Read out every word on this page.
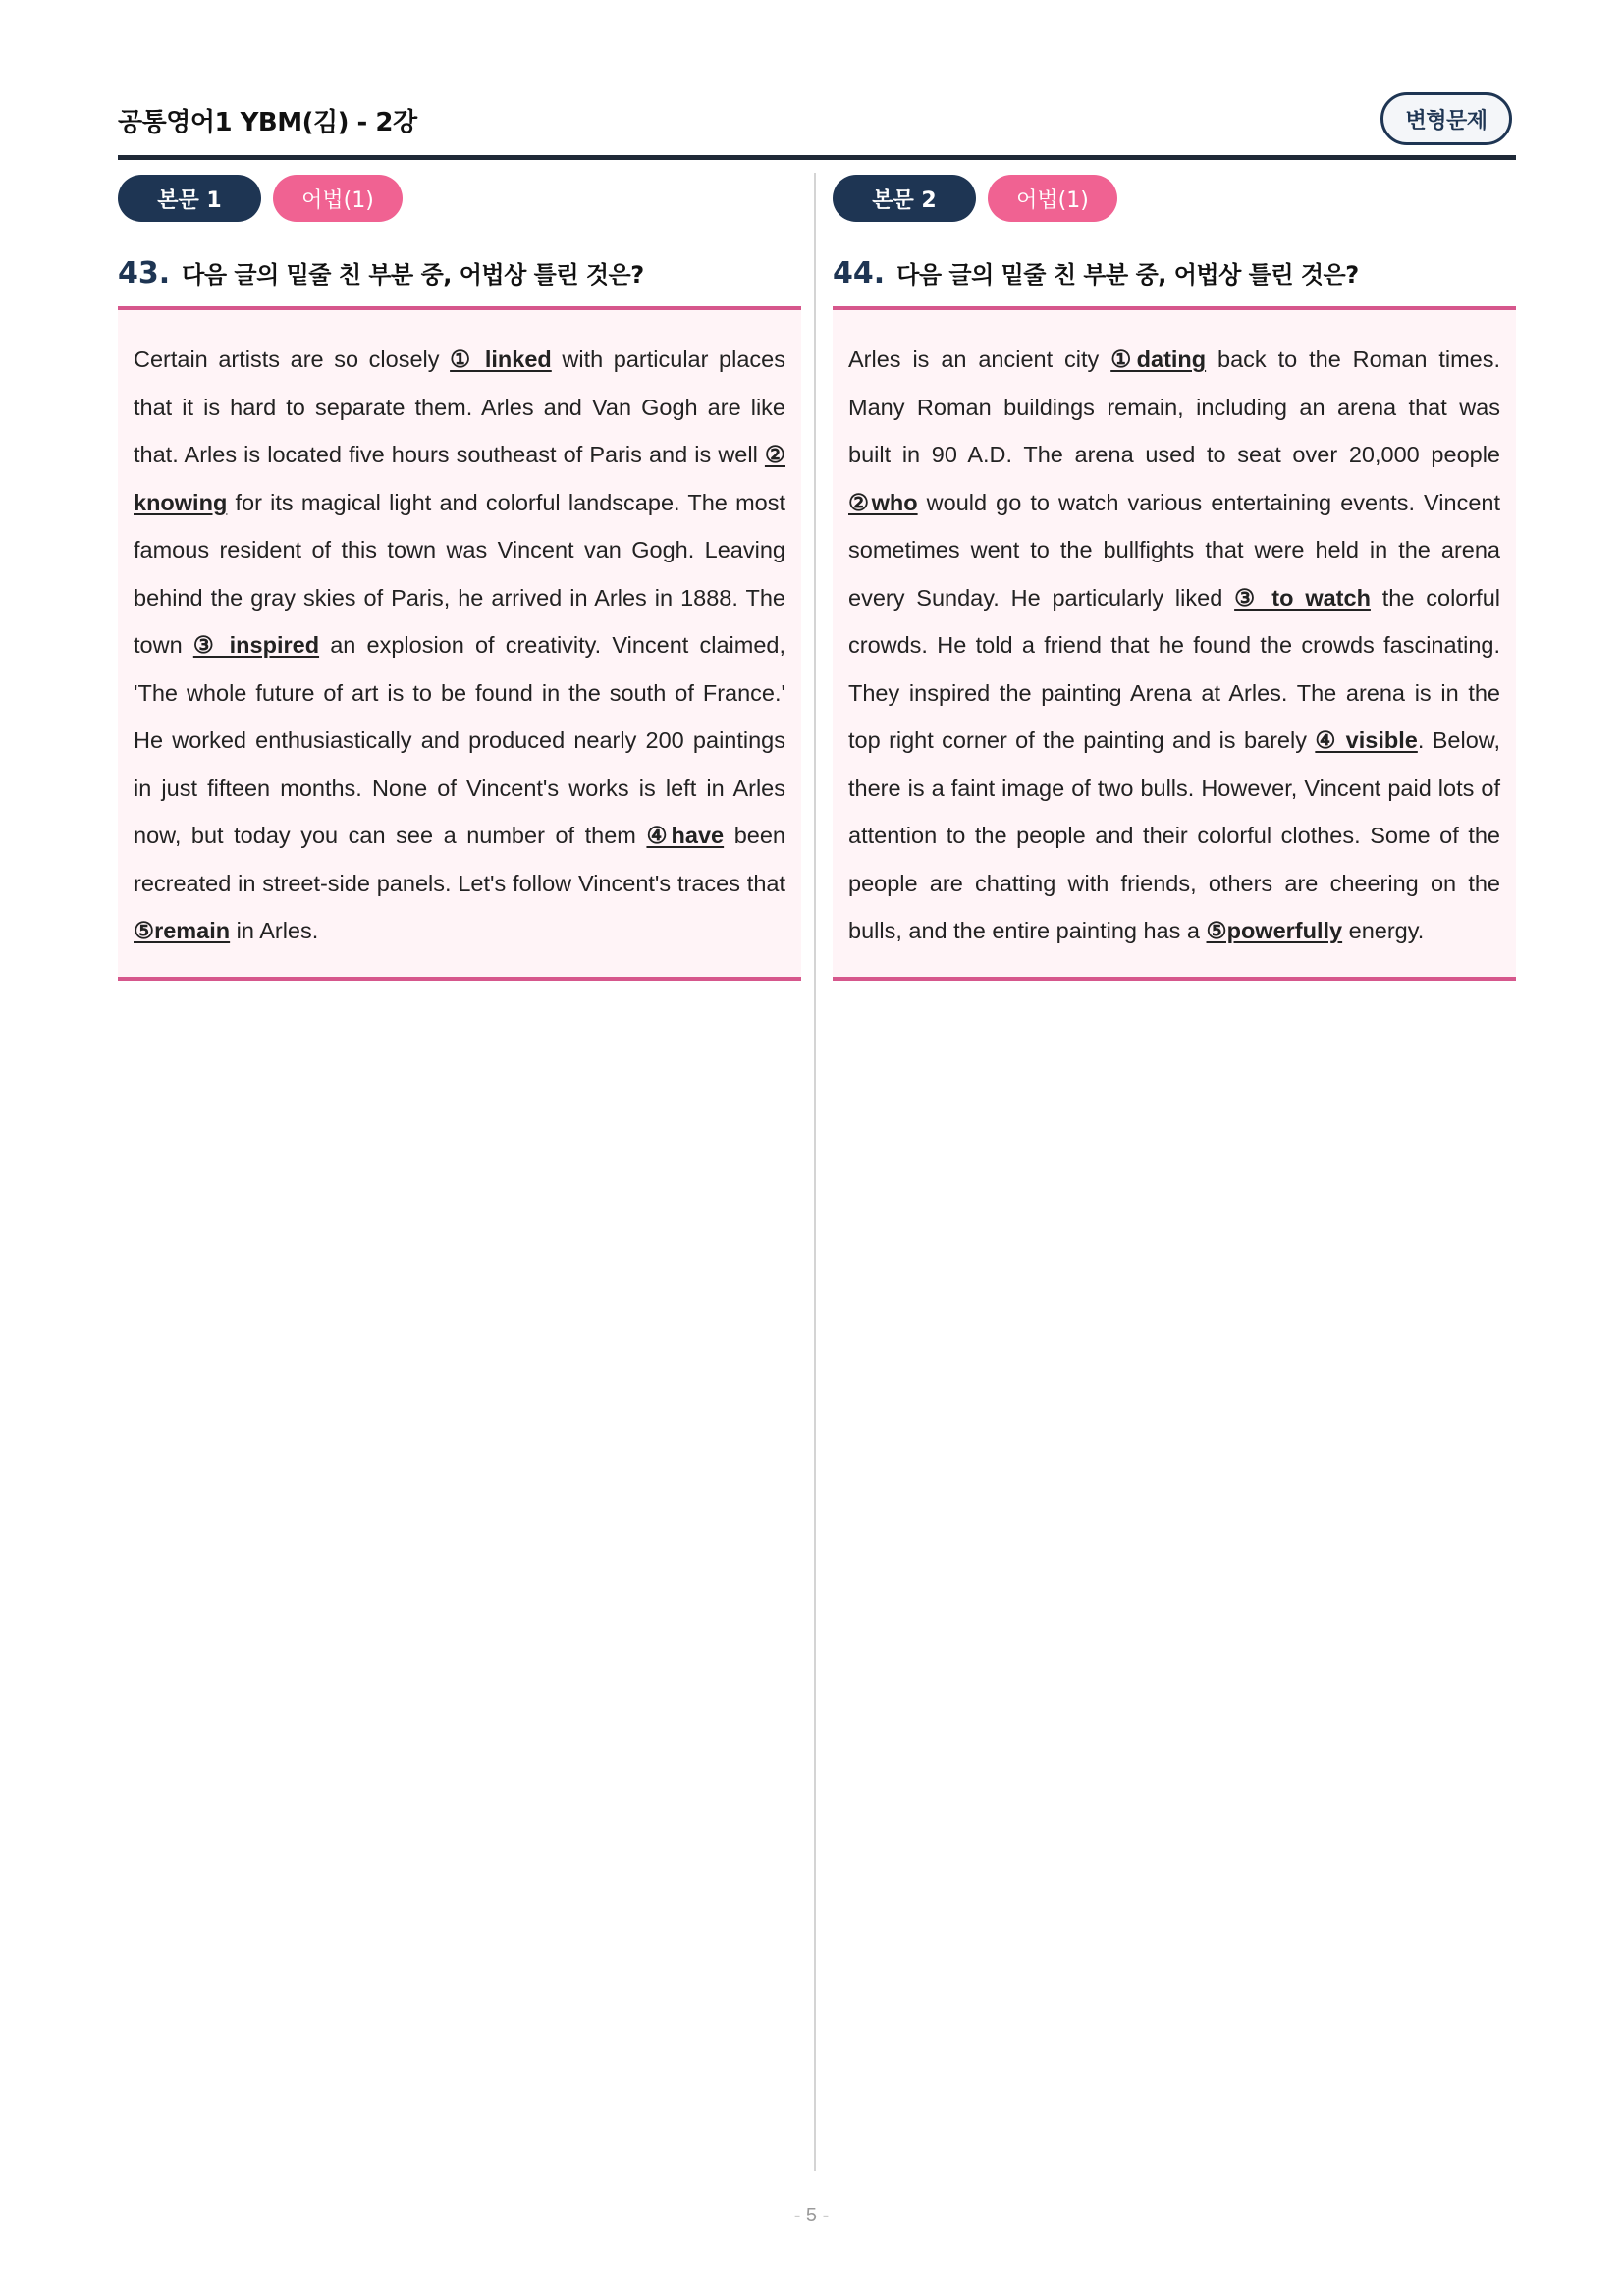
공통영어1 YBM(김) - 2강	변형문제
본문 1	어법(1)
43. 다음 글의 밑줄 친 부분 중, 어법상 틀린 것은?
Certain artists are so closely ① linked with particular places that it is hard to separate them. Arles and Van Gogh are like that. Arles is located five hours southeast of Paris and is well ② knowing for its magical light and colorful landscape. The most famous resident of this town was Vincent van Gogh. Leaving behind the gray skies of Paris, he arrived in Arles in 1888. The town ③ inspired an explosion of creativity. Vincent claimed, 'The whole future of art is to be found in the south of France.' He worked enthusiastically and produced nearly 200 paintings in just fifteen months. None of Vincent's works is left in Arles now, but today you can see a number of them ④have been recreated in street-side panels. Let's follow Vincent's traces that ⑤remain in Arles.
본문 2	어법(1)
44. 다음 글의 밑줄 친 부분 중, 어법상 틀린 것은?
Arles is an ancient city ①dating back to the Roman times. Many Roman buildings remain, including an arena that was built in 90 A.D. The arena used to seat over 20,000 people ②who would go to watch various entertaining events. Vincent sometimes went to the bullfights that were held in the arena every Sunday. He particularly liked ③ to watch the colorful crowds. He told a friend that he found the crowds fascinating. They inspired the painting Arena at Arles. The arena is in the top right corner of the painting and is barely ④ visible. Below, there is a faint image of two bulls. However, Vincent paid lots of attention to the people and their colorful clothes. Some of the people are chatting with friends, others are cheering on the bulls, and the entire painting has a ⑤powerfully energy.
- 5 -
